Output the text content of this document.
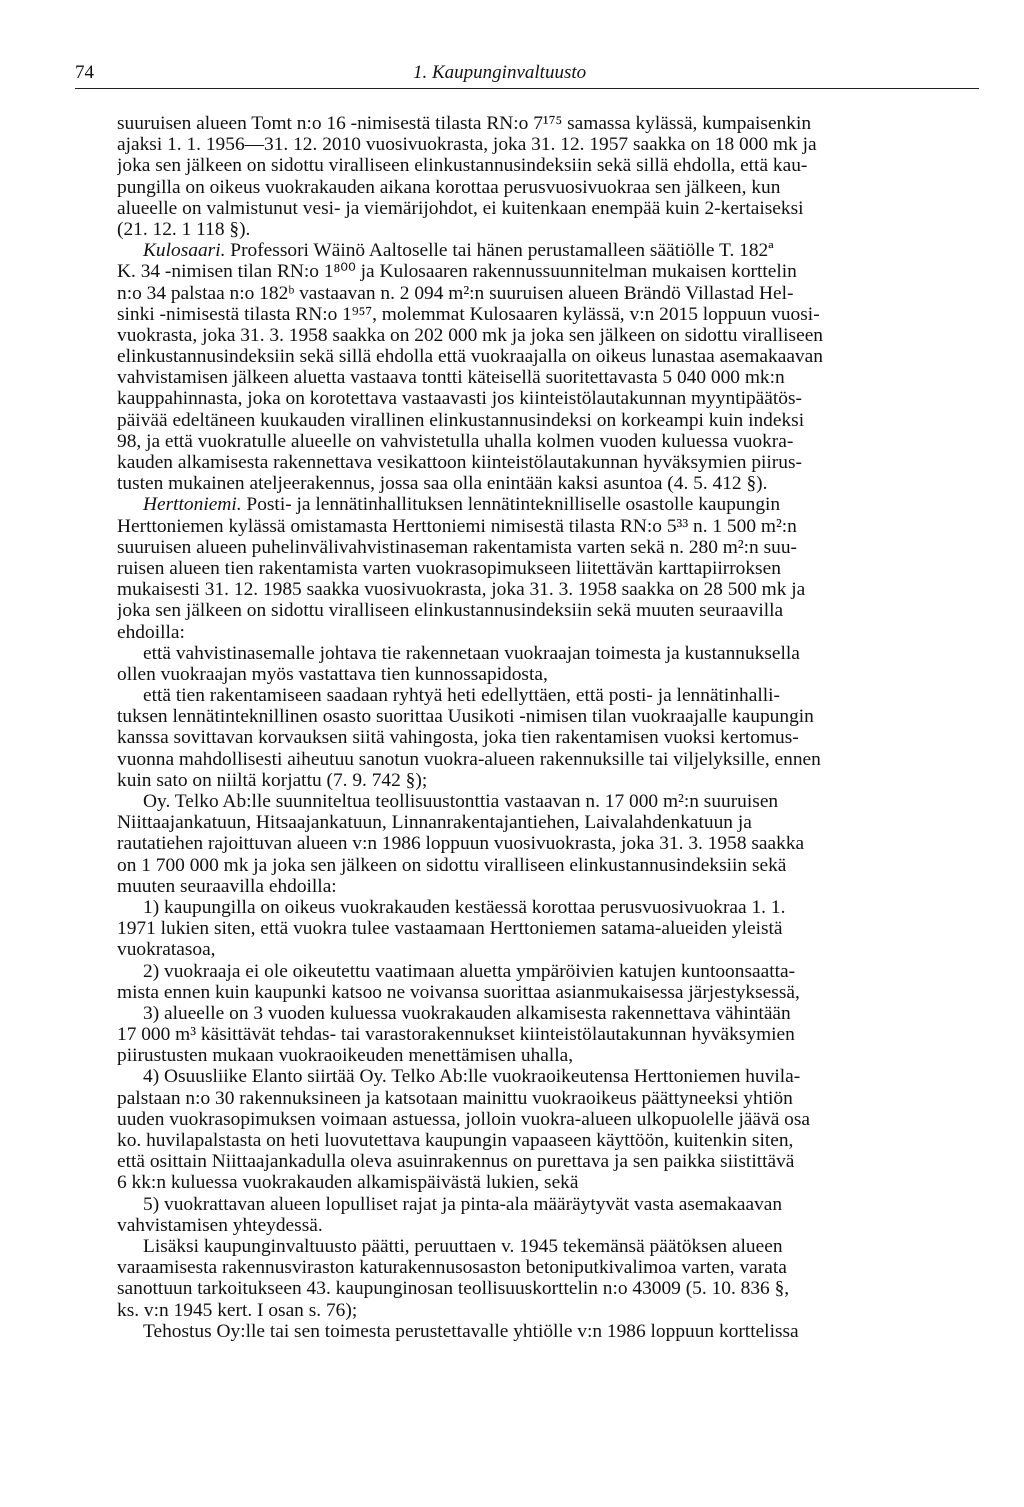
74	1. Kaupunginvaltuusto
suuruisen alueen Tomt n:o 16 -nimisestä tilasta RN:o 7¹⁷⁵ samassa kylässä, kumpaisenkin
ajaksi 1. 1. 1956—31. 12. 2010 vuosivuokrasta, joka 31. 12. 1957 saakka on 18 000 mk ja
joka sen jälkeen on sidottu viralliseen elinkustannusindeksiin sekä sillä ehdolla, että kau-
pungilla on oikeus vuokrakauden aikana korottaa perusvuosivuokraa sen jälkeen, kun
alueelle on valmistunut vesi- ja viemärijohdot, ei kuitenkaan enempää kuin 2-kertaiseksi
(21. 12. 1 118 §).
Kulosaari. Professori Wäinö Aaltoselle tai hänen perustamalleen säätiölle T. 182ª
K. 34 -nimisen tilan RN:o 1⁸⁰⁰ ja Kulosaaren rakennussuunnitelman mukaisen korttelin
n:o 34 palstaa n:o 182ᵇ vastaavan n. 2 094 m²:n suuruisen alueen Brändö Villastad Hel-
sinki -nimisestä tilasta RN:o 1⁹⁵⁷, molemmat Kulosaaren kylässä, v:n 2015 loppuun vuosi-
vuokrasta, joka 31. 3. 1958 saakka on 202 000 mk ja joka sen jälkeen on sidottu viralliseen
elinkustannusindeksiin sekä sillä ehdolla että vuokraajalla on oikeus lunastaa asemakaavan
vahvistamisen jälkeen aluetta vastaava tontti käteisellä suoritettavasta 5 040 000 mk:n
kauppahinnasta, joka on korotettava vastaavasti jos kiinteistölautakunnan myyntipäätös-
päivää edeltäneen kuukauden virallinen elinkustannusindeksi on korkeampi kuin indeksi
98, ja että vuokratulle alueelle on vahvistetulla uhalla kolmen vuoden kuluessa vuokra-
kauden alkamisesta rakennettava vesikattoon kiinteistölautakunnan hyväksymien piirus-
tusten mukainen ateljeerakennus, jossa saa olla enintään kaksi asuntoa (4. 5. 412 §).
Herttoniemi. Posti- ja lennätinhallituksen lennätinteknilliselle osastolle kaupungin
Herttoniemen kylässä omistamasta Herttoniemi nimisestä tilasta RN:o 5³³ n. 1 500 m²:n
suuruisen alueen puhelinvälivahvistinaseman rakentamista varten sekä n. 280 m²:n suu-
ruisen alueen tien rakentamista varten vuokrasopimukseen liitettävän karttapiirroksen
mukaisesti 31. 12. 1985 saakka vuosivuokrasta, joka 31. 3. 1958 saakka on 28 500 mk ja
joka sen jälkeen on sidottu viralliseen elinkustannusindeksiin sekä muuten seuraavilla
ehdoilla:
että vahvistinasemalle johtava tie rakennetaan vuokraajan toimesta ja kustannuksella
ollen vuokraajan myös vastattava tien kunnossapidosta,
että tien rakentamiseen saadaan ryhtyä heti edellyttäen, että posti- ja lennätinhalli-
tuksen lennätinteknillinen osasto suorittaa Uusikoti -nimisen tilan vuokraajalle kaupungin
kanssa sovittavan korvauksen siitä vahingosta, joka tien rakentamisen vuoksi kertomus-
vuonna mahdollisesti aiheutuu sanotun vuokra-alueen rakennuksille tai viljelyksille, ennen
kuin sato on niiltä korjattu (7. 9. 742 §);
Oy. Telko Ab:lle suunniteltua teollisuustonttia vastaavan n. 17 000 m²:n suuruisen
Niittaajankatuun, Hitsaajankatuun, Linnanrakentajantiehen, Laivalahdenkatuun ja
rautatiehen rajoittuvan alueen v:n 1986 loppuun vuosivuokrasta, joka 31. 3. 1958 saakka
on 1 700 000 mk ja joka sen jälkeen on sidottu viralliseen elinkustannusindeksiin sekä
muuten seuraavilla ehdoilla:
1) kaupungilla on oikeus vuokrakauden kestäessä korottaa perusvuosivuokraa 1. 1.
1971 lukien siten, että vuokra tulee vastaamaan Herttoniemen satama-alueiden yleistä
vuokratasoa,
2) vuokraaja ei ole oikeutettu vaatimaan aluetta ympäröivien katujen kuntoonsaatta-
mista ennen kuin kaupunki katsoo ne voivansa suorittaa asianmukaisessa järjestyksessä,
3) alueelle on 3 vuoden kuluessa vuokrakauden alkamisesta rakennettava vähintään
17 000 m³ käsittävät tehdas- tai varastorakennukset kiinteistölautakunnan hyväksymien
piirustusten mukaan vuokraoikeuden menettämisen uhalla,
4) Osuusliike Elanto siirtää Oy. Telko Ab:lle vuokraoikeutensa Herttoniemen huvila-
palstaan n:o 30 rakennuksineen ja katsotaan mainittu vuokraoikeus päättyneeksi yhtiön
uuden vuokrasopimuksen voimaan astuessa, jolloin vuokra-alueen ulkopuolelle jäävä osa
ko. huvilapalstasta on heti luovutettava kaupungin vapaaseen käyttöön, kuitenkin siten,
että osittain Niittaajankadulla oleva asuinrakennus on purettava ja sen paikka siistittävä
6 kk:n kuluessa vuokrakauden alkamispäivästä lukien, sekä
5) vuokrattavan alueen lopulliset rajat ja pinta-ala määräytyvät vasta asemakaavan
vahvistamisen yhteydessä.
Lisäksi kaupunginvaltuusto päätti, peruuttaen v. 1945 tekemänsä päätöksen alueen
varaamisesta rakennusviraston katurakennusosaston betoniputkivalimoa varten, varata
sanottuun tarkoitukseen 43. kaupunginosan teollisuuskorttelin n:o 43009 (5. 10. 836 §,
ks. v:n 1945 kert. I osan s. 76);
Tehostus Oy:lle tai sen toimesta perustettavalle yhtiölle v:n 1986 loppuun korttelissa
